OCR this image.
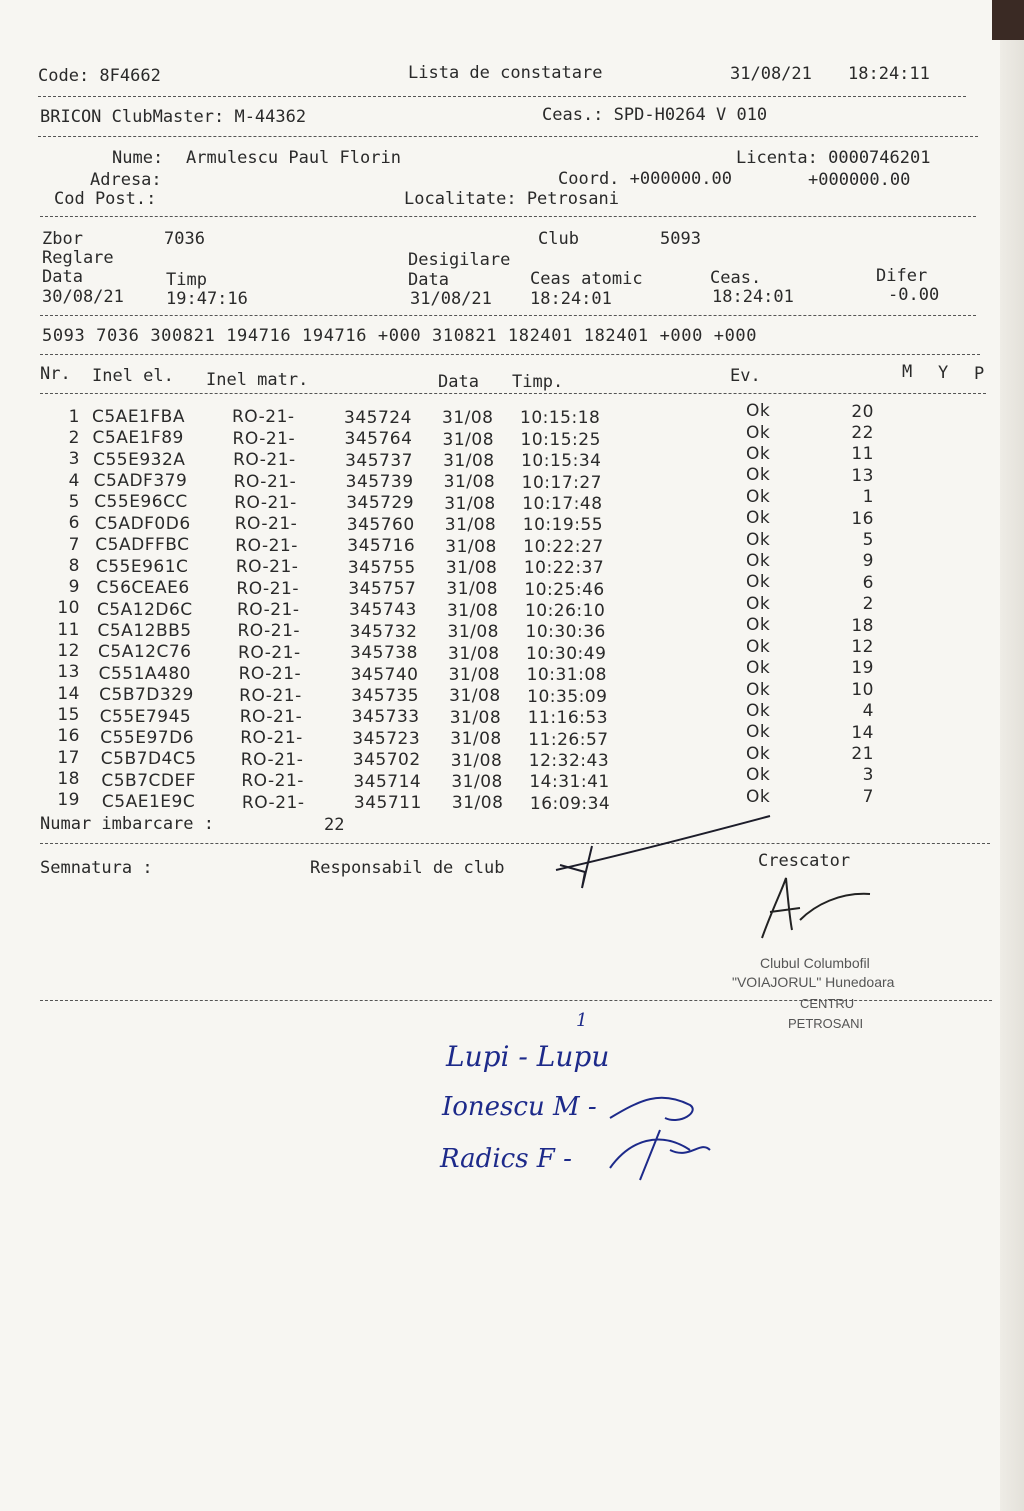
Code: 8F4662	Lista de constatare	31/08/21 18:24:11
BRICON ClubMaster: M-44362	Ceas.: SPD-H0264 V 010
Nume: Armulescu Paul Florin	Licenta: 0000746201
Adresa:	Coord. +000000.00	+000000.00
Cod Post.:	Localitate: Petrosani
Zbor	7036	Club	5093
Reglare	Desigilare
Data	Timp	Data	Ceas atomic	Ceas.	Difer
30/08/21 19:47:16	31/08/21 18:24:01	18:24:01	-0.00
5093 7036 300821 194716 194716 +000 310821 182401 182401 +000 +000
Nr. Inel el. Inel matr.	Data Timp.	Ev.	M Y P
1 C5AE1FBA	RO-21-	345724 31/08 10:15:18	Ok	20
2 C5AE1F89	RO-21-	345764 31/08 10:15:25	Ok	22
3 C55E932A	RO-21-	345737 31/08 10:15:34	Ok	11
4 C5ADF379	RO-21-	345739 31/08 10:17:27	Ok	13
5 C55E96CC	RO-21-	345729 31/08 10:17:48	Ok	1
6 C5ADF0D6	RO-21-	345760 31/08 10:19:55	Ok	16
7 C5ADFFBC	RO-21-	345716 31/08 10:22:27	Ok	5
8 C55E961C	RO-21-	345755 31/08 10:22:37	Ok	9
9 C56CEAE6	RO-21-	345757 31/08 10:25:46	Ok	6
10 C5A12D6C	RO-21-	345743 31/08 10:26:10	Ok	2
11 C5A12BB5	RO-21-	345732 31/08 10:30:36	Ok	18
12 C5A12C76	RO-21-	345738 31/08 10:30:49	Ok	12
13 C551A480	RO-21-	345740 31/08 10:31:08	Ok	19
14 C5B7D329	RO-21-	345735 31/08 10:35:09	Ok	10
15 C55E7945	RO-21-	345733 31/08 11:16:53	Ok	4
16 C55E97D6	RO-21-	345723 31/08 11:26:57	Ok	14
17 C5B7D4C5	RO-21-	345702 31/08 12:32:43	Ok	21
18 C5B7CDEF	RO-21-	345714 31/08 14:31:41	Ok	3
19 C5AE1E9C	RO-21-	345711 31/08 16:09:34	Ok	7
Numar imbarcare :	22
Semnatura :	Responsabil de club	Crescator
Clubul Columbofil
"VOIAJORUL" Hunedoara
CENTRU
PETROSANI
1
Lupi - Lupu
Ionescu M -
Radics F -
